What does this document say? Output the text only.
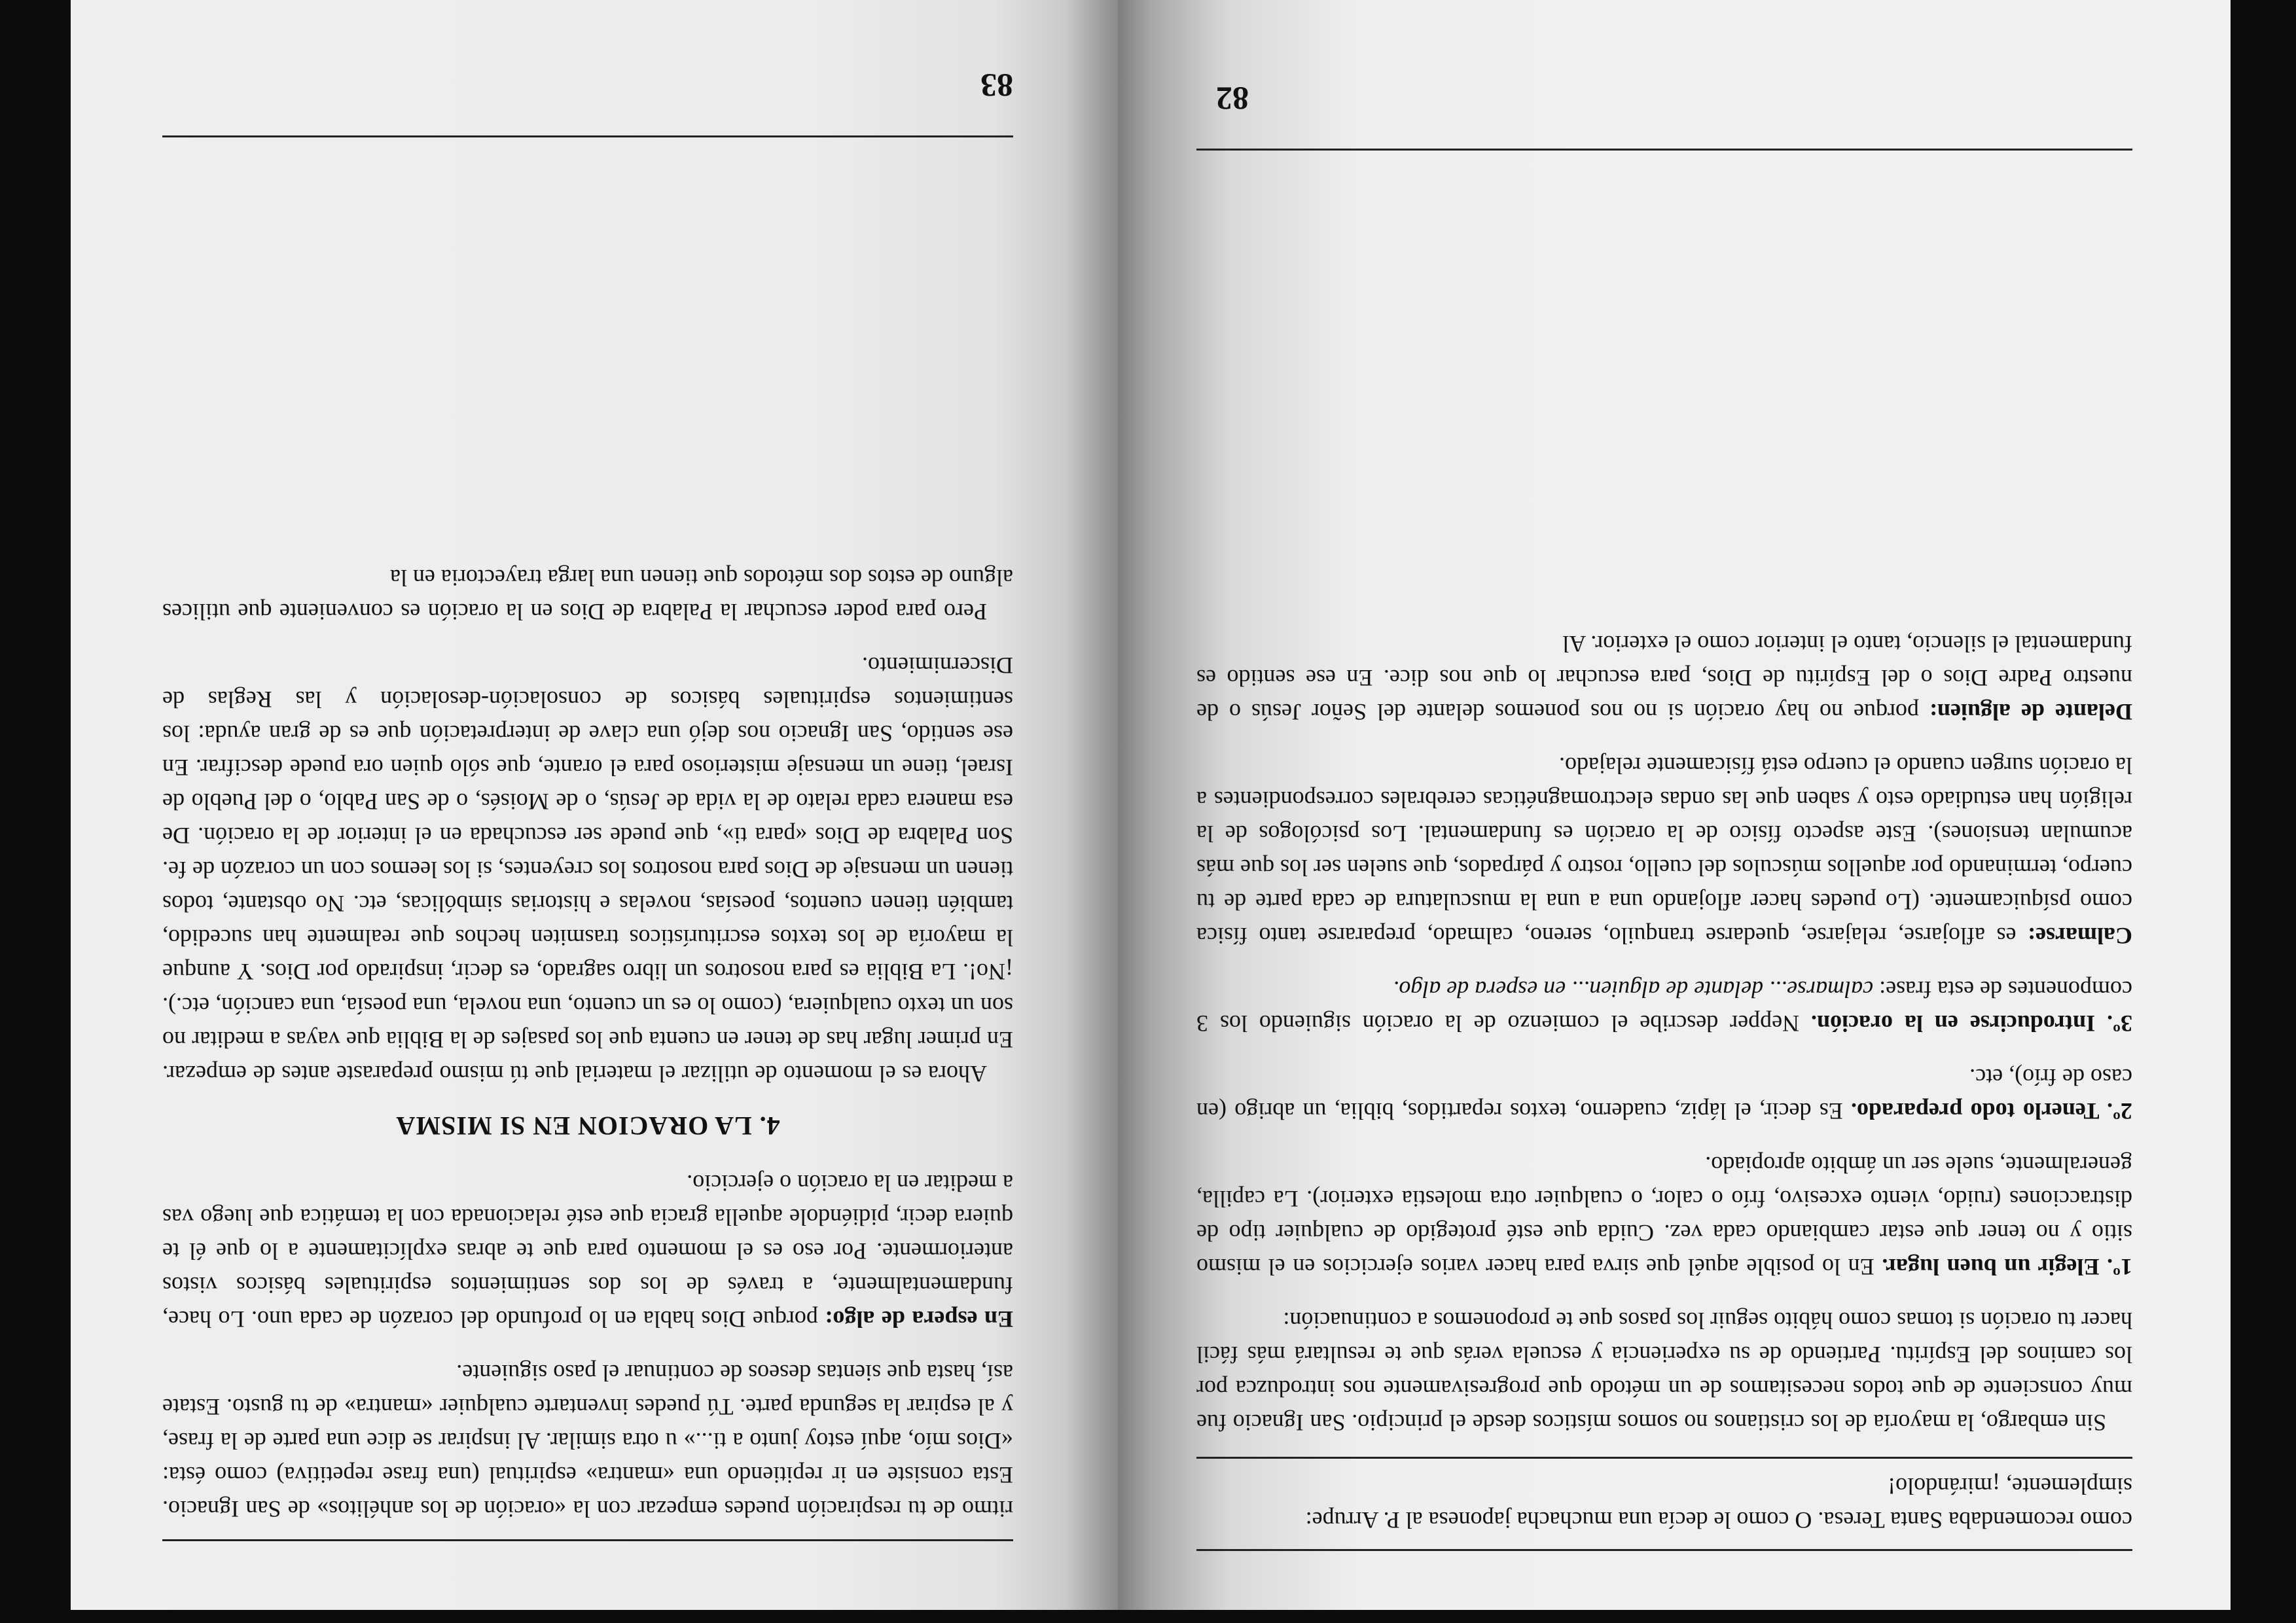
como recomendaba Santa Teresa. O como le decía una muchacha japonesa al P. Arrupe: simplemente, ¡mirándolo!

Sin embargo, la mayoría de los cristianos no somos místicos desde el principio. San Ignacio fue muy consciente de que todos necesitamos de un método que progresivamente nos introduzca por los caminos del Espíritu. Partiendo de su experiencia y escuela verás que te resultará más fácil hacer tu oración si tomas como hábito seguir los pasos que te proponemos a continuación:

1º. Elegir un buen lugar. En lo posible aquél que sirva para hacer varios ejercicios en el mismo sitio y no tener que estar cambiando cada vez. Cuida que esté protegido de cualquier tipo de distracciones (ruido, viento excesivo, frío o calor, o cualquier otra molestia exterior). La capilla, generalmente, suele ser un ámbito apropiado.

2º. Tenerlo todo preparado. Es decir, el lápiz, cuaderno, textos repartidos, biblia, un abrigo (en caso de frío), etc.

3º. Introducirse en la oración. Nepper describe el comienzo de la oración siguiendo los 3 componentes de esta frase: calmarse... delante de alguien... en espera de algo.

Calmarse: es aflojarse, relajarse, quedarse tranquilo, sereno, calmado, prepararse tanto física como psíquicamente. (Lo puedes hacer aflojando una a una la musculatura de cada parte de tu cuerpo, terminando por aquellos músculos del cuello, rostro y párpados, que suelen ser los que más acumulan tensiones). Este aspecto físico de la oración es fundamental. Los psicólogos de la religión han estudiado esto y saben que las ondas electromagnéticas cerebrales correspondientes a la oración surgen cuando el cuerpo está físicamente relajado.

Delante de alguien: porque no hay oración si no nos ponemos delante del Señor Jesús o de nuestro Padre Dios o del Espíritu de Dios, para escuchar lo que nos dice. En ese sentido es fundamental el silencio, tanto el interior como el exterior. Al

82

ritmo de tu respiración puedes empezar con la «oración de los anhélitos» de San Ignacio. Esta consiste en ir repitiendo una «mantra» espiritual (una frase repetitiva) como ésta: «Dios mío, aquí estoy junto a ti...» u otra similar. Al inspirar se dice una parte de la frase, y al espirar la segunda parte. Tú puedes inventarte cualquier «mantra» de tu gusto. Estate así, hasta que sientas deseos de continuar el paso siguiente.

En espera de algo: porque Dios habla en lo profundo del corazón de cada uno. Lo hace, fundamentalmente, a través de los dos sentimientos espirituales básicos vistos anteriormente. Por eso es el momento para que te abras explícitamente a lo que él te quiera decir, pidiéndole aquella gracia que esté relacionada con la temática que luego vas a meditar en la oración o ejercicio.

4. LA ORACION EN SI MISMA

Ahora es el momento de utilizar el material que tú mismo preparaste antes de empezar. En primer lugar has de tener en cuenta que los pasajes de la Biblia que vayas a meditar no son un texto cualquiera, (como lo es un cuento, una novela, una poesía, una canción, etc.). ¡No!. La Biblia es para nosotros un libro sagrado, es decir, inspirado por Dios. Y aunque la mayoría de los textos escriturísticos trasmiten hechos que realmente han sucedido, también tienen cuentos, poesías, novelas e historias simbólicas, etc. No obstante, todos tienen un mensaje de Dios para nosotros los creyentes, si los leemos con un corazón de fe. Son Palabra de Dios «para ti», que puede ser escuchada en el interior de la oración. De esa manera cada relato de la vida de Jesús, o de Moisés, o de San Pablo, o del Pueblo de Israel, tiene un mensaje misterioso para el orante, que sólo quien ora puede descifrar. En ese sentido, San Ignacio nos dejó una clave de interpretación que es de gran ayuda: los sentimientos espirituales básicos de consolación-desolación y las Reglas de Discernimiento.

Pero para poder escuchar la Palabra de Dios en la oración es conveniente que utilices alguno de estos dos métodos que tienen una larga trayectoria en la

83
